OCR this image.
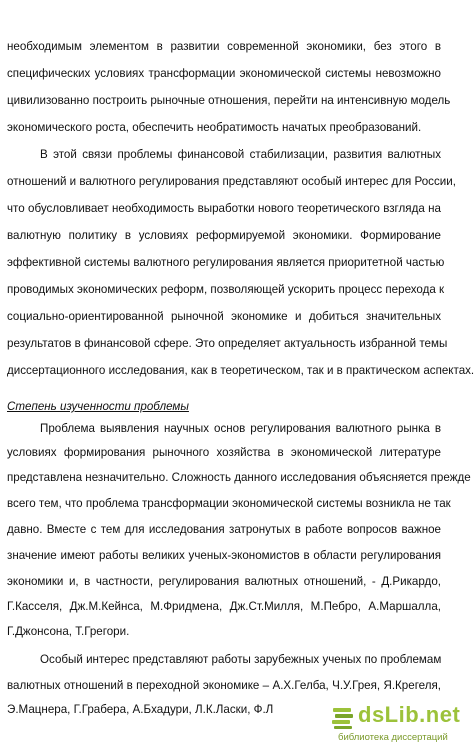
необходимым элементом в развитии современной экономики, без этого в
специфических условиях трансформации экономической системы невозможно
цивилизованно построить рыночные отношения, перейти на интенсивную модель
экономического роста, обеспечить необратимость начатых преобразований.
В этой связи проблемы финансовой стабилизации, развития валютных
отношений и валютного регулирования представляют особый интерес для России,
что обусловливает необходимость выработки нового теоретического взгляда на
валютную политику в условиях реформируемой экономики. Формирование
эффективной системы валютного регулирования является приоритетной частью
проводимых экономических реформ, позволяющей ускорить процесс перехода к
социально-ориентированной рыночной экономике и добиться значительных
результатов в финансовой сфере. Это определяет актуальность избранной темы
диссертационного исследования, как в теоретическом, так и в практическом аспектах.
Степень изученности проблемы
Проблема выявления научных основ регулирования валютного рынка в
условиях формирования рыночного хозяйства в экономической литературе
представлена незначительно. Сложность данного исследования объясняется прежде
всего тем, что проблема трансформации экономической системы возникла не так
давно. Вместе с тем для исследования затронутых в работе вопросов важное
значение имеют работы великих ученых-экономистов в области регулирования
экономики и, в частности, регулирования валютных отношений, - Д.Рикардо,
Г.Касселя, Дж.М.Кейнса, М.Фридмена, Дж.Ст.Милля, М.Пебро, А.Маршалла,
Г.Джонсона, Т.Грегори.
Особый интерес представляют работы зарубежных ученых по проблемам
валютных отношений в переходной экономике – А.Х.Гелба, Ч.У.Грея, Я.Крегеля,
Э.Мацнера, Г.Грабера, А.Бхадури, Л.К.Ласки, Ф.Л	dsLib.net
библиотека диссертаций
